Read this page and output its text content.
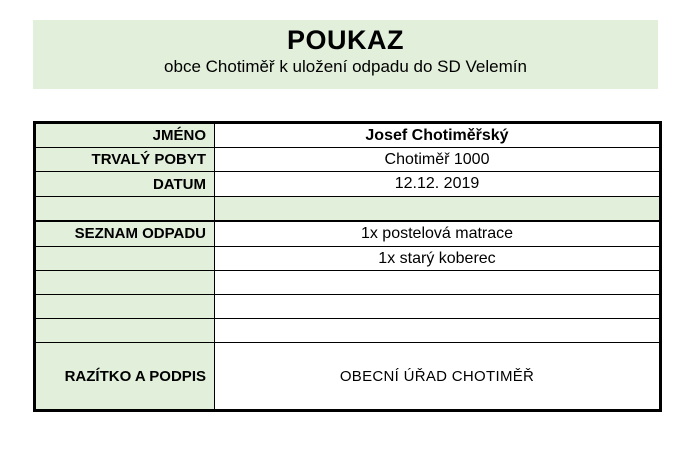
POUKAZ
obce Chotiměř k uložení odpadu do SD Velemín
JMÉNO	Josef Chotiměřský
TRVALÝ POBYT	Chotiměř 1000
DATUM	12.12. 2019

SEZNAM ODPADU	1x postelová matrace
	1x starý koberec

RAZÍTKO A PODPIS	OBECNÍ ÚŘAD CHOTIMĚŘ
